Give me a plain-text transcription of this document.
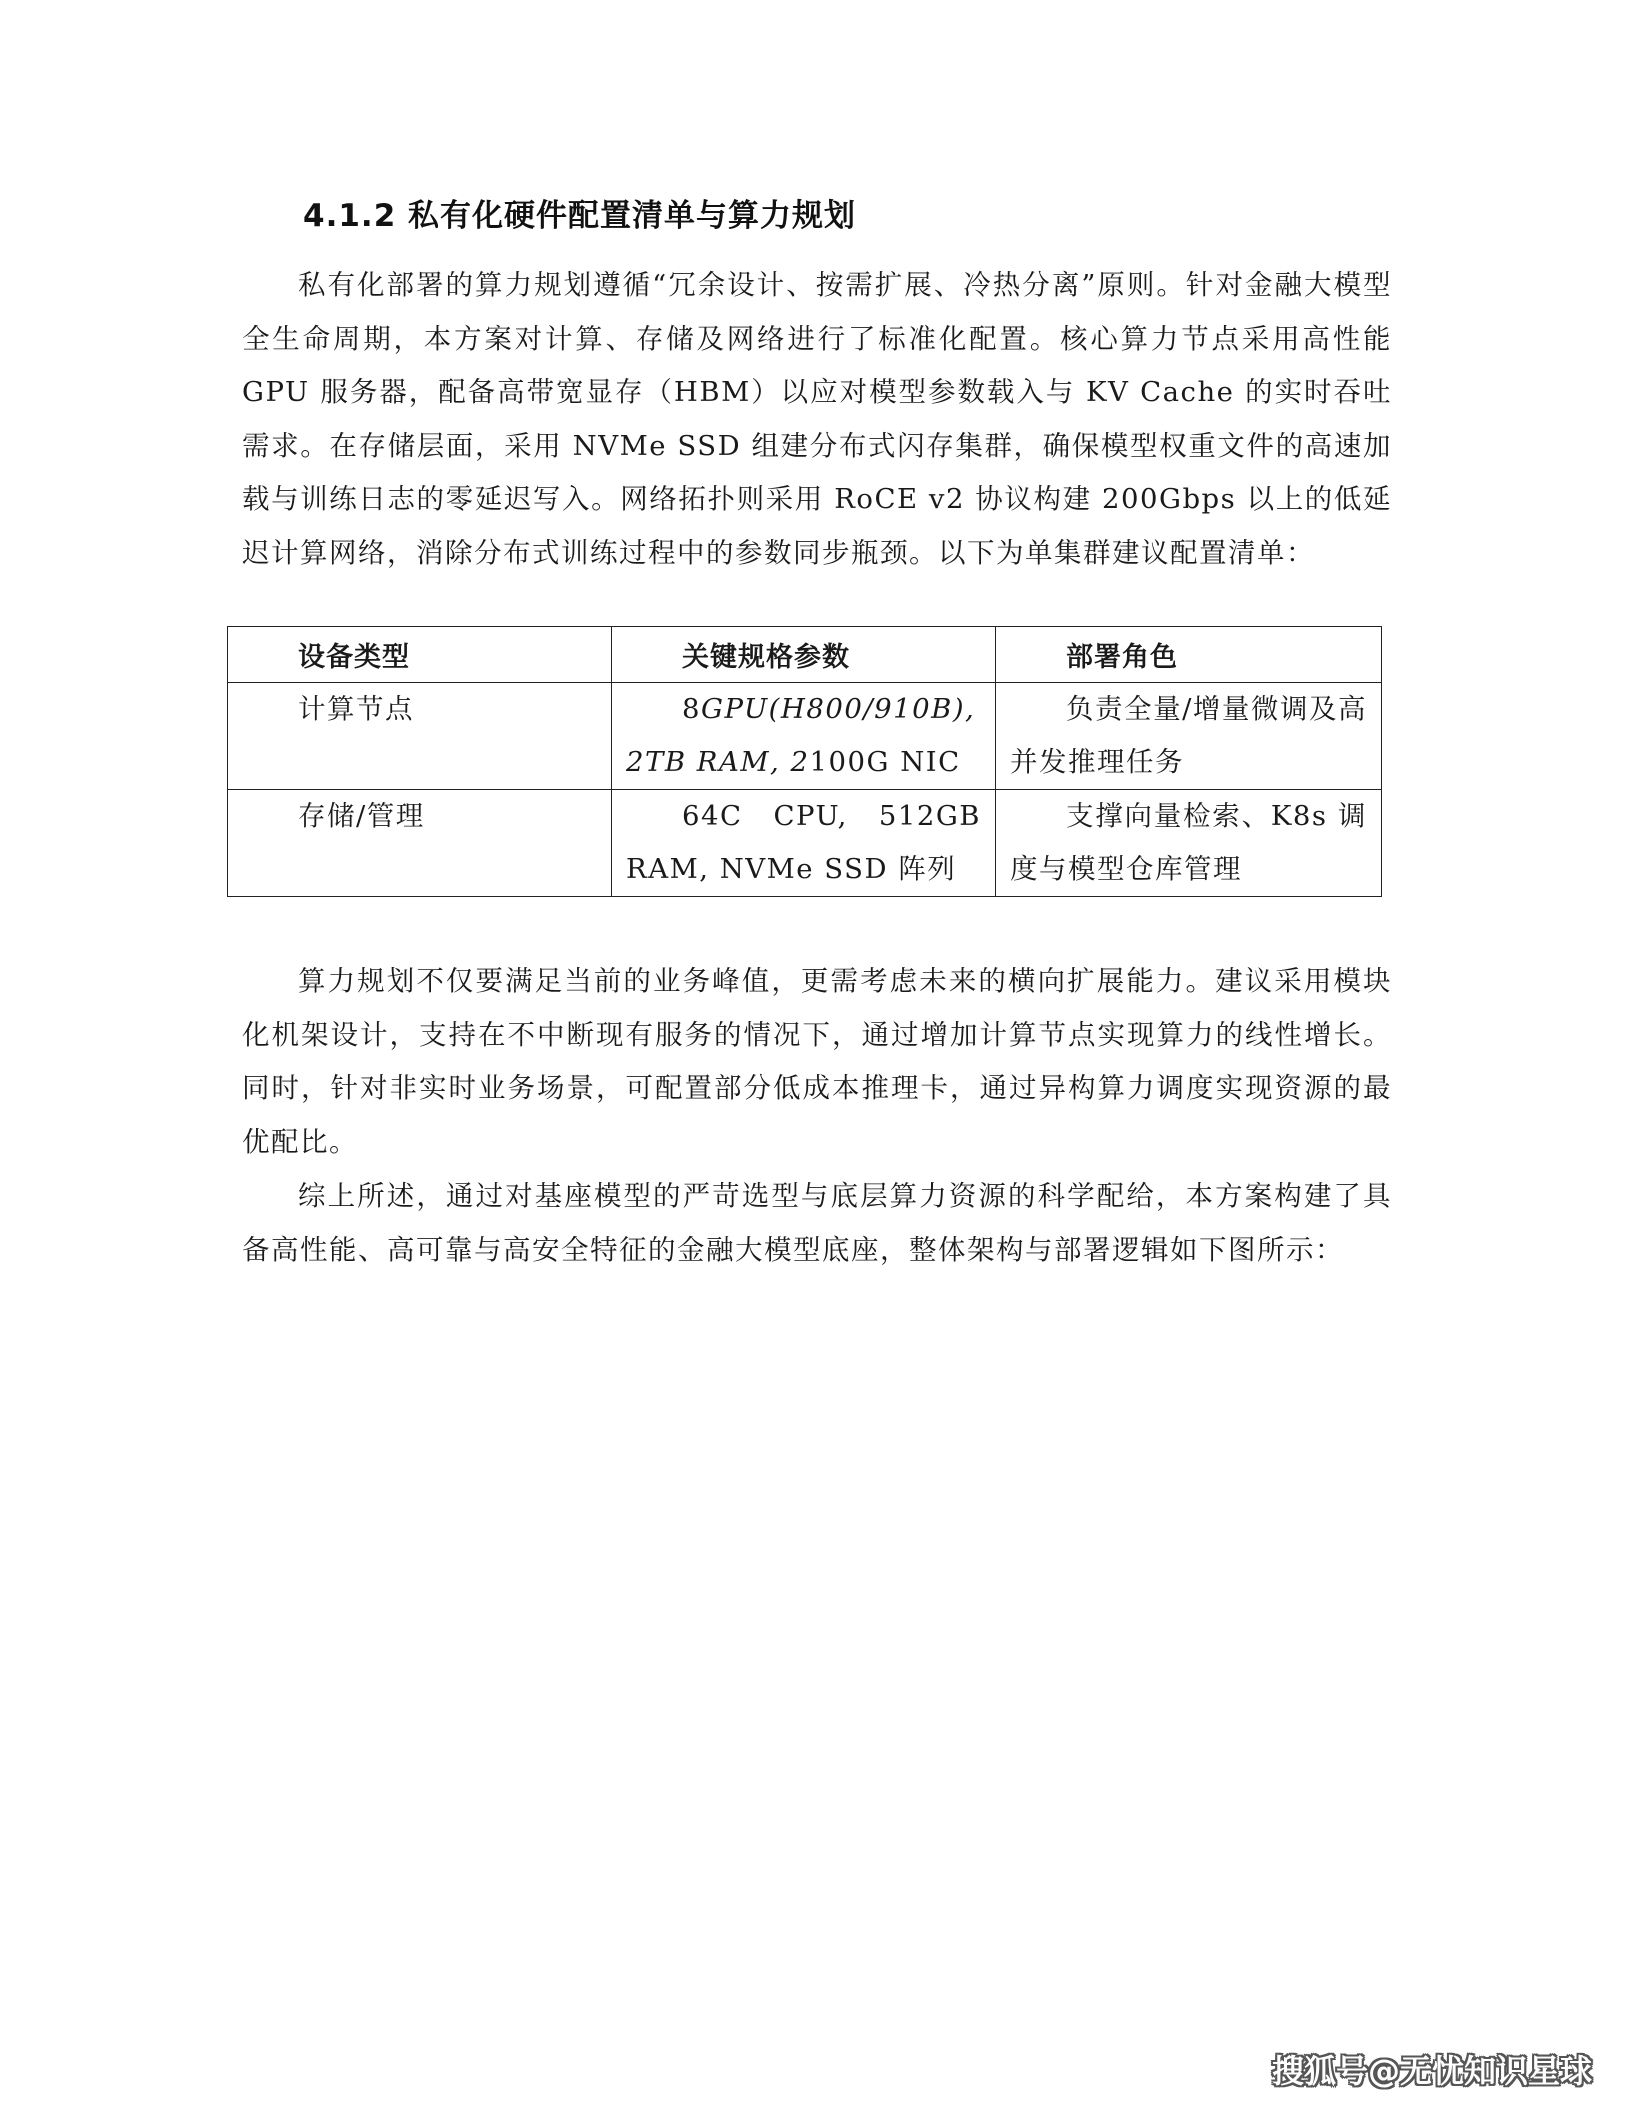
4.1.2 私有化硬件配置清单与算力规划

私有化部署的算力规划遵循“冗余设计、按需扩展、冷热分离”原则。针对金融大模型全生命周期，本方案对计算、存储及网络进行了标准化配置。核心算力节点采用高性能 GPU 服务器，配备高带宽显存（HBM）以应对模型参数载入与 KV Cache 的实时吞吐需求。在存储层面，采用 NVMe SSD 组建分布式闪存集群，确保模型权重文件的高速加载与训练日志的零延迟写入。网络拓扑则采用 RoCE v2 协议构建 200Gbps 以上的低延迟计算网络，消除分布式训练过程中的参数同步瓶颈。以下为单集群建议配置清单：

设备类型	关键规格参数	部署角色

计算节点	8GPU(H800/910B), 2TB RAM, 2100G NIC	负责全量/增量微调及高并发推理任务

存储/管理	64C CPU, 512GB RAM, NVMe SSD 阵列	支撑向量检索、K8s 调度与模型仓库管理

算力规划不仅要满足当前的业务峰值，更需考虑未来的横向扩展能力。建议采用模块化机架设计，支持在不中断现有服务的情况下，通过增加计算节点实现算力的线性增长。同时，针对非实时业务场景，可配置部分低成本推理卡，通过异构算力调度实现资源的最优配比。

综上所述，通过对基座模型的严苛选型与底层算力资源的科学配给，本方案构建了具备高性能、高可靠与高安全特征的金融大模型底座，整体架构与部署逻辑如下图所示：

搜狐号@无忧知识星球
